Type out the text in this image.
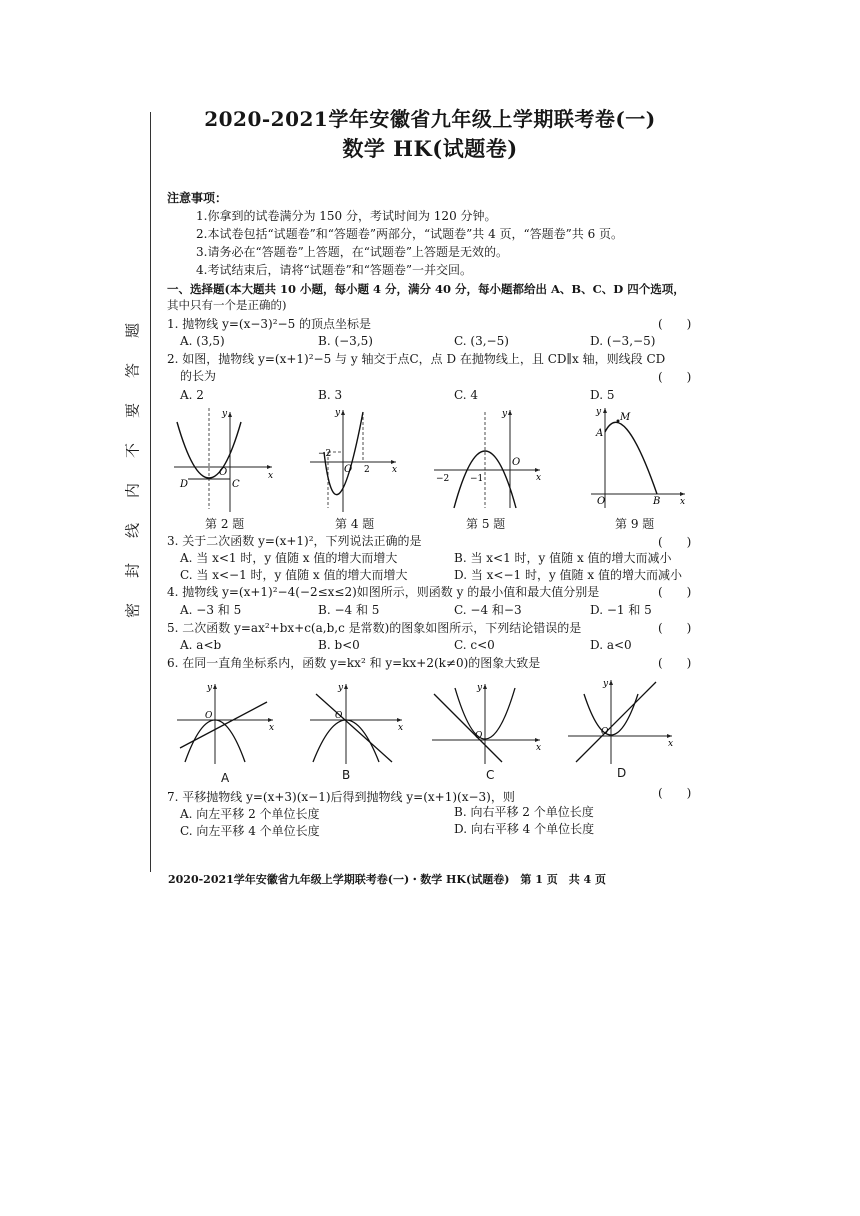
2020-2021学年安徽省九年级上学期联考卷(一)
数学 HK(试题卷)
题
答
要
不
内
线
封
密
注意事项：
1.你拿到的试卷满分为 150 分，考试时间为 120 分钟。
2.本试卷包括“试题卷”和“答题卷”两部分，“试题卷”共 4 页，“答题卷”共 6 页。
3.请务必在“答题卷”上答题，在“试题卷”上答题是无效的。
4.考试结束后，请将“试题卷”和“答题卷”一并交回。
一、选择题(本大题共 10 小题，每小题 4 分，满分 40 分，每小题都给出 A、B、C、D 四个选项，
其中只有一个是正确的)
1. 抛物线 y=(x−3)²−5 的顶点坐标是	(　　)
A. (3,5)	B. (−3,5)	C. (3,−5)	D. (−3,−5)
2. 如图，抛物线 y=(x+1)²−5 与 y 轴交于点C，点 D 在抛物线上，且 CD∥x 轴，则线段 CD
的长为	(　　)
A. 2	B. 3	C. 4	D. 5
y
x
O
C
D
y
x
O
−2
2
y
x
O
−2 −1
y
x
O
A
B
M
第 2 题	第 4 题	第 5 题	第 9 题
3. 关于二次函数 y=(x+1)²，下列说法正确的是	(　　)
A. 当 x<1 时，y 值随 x 值的增大而增大	B. 当 x<1 时，y 值随 x 值的增大而减小
C. 当 x<−1 时，y 值随 x 值的增大而增大	D. 当 x<−1 时，y 值随 x 值的增大而减小
4. 抛物线 y=(x+1)²−4(−2≤x≤2)如图所示，则函数 y 的最小值和最大值分别是	(　　)
A. −3 和 5	B. −4 和 5	C. −4 和−3	D. −1 和 5
5. 二次函数 y=ax²+bx+c(a,b,c 是常数)的图象如图所示，下列结论错误的是	(　　)
A. a<b	B. b<0	C. c<0	D. a<0
6. 在同一直角坐标系内，函数 y=kx² 和 y=kx+2(k≠0)的图象大致是	(　　)
y
x
O
y
x
O
y
x
O
y
x
O
A	B	C	D
7. 平移抛物线 y=(x+3)(x−1)后得到抛物线 y=(x+1)(x−3)，则	(　　)
A. 向左平移 2 个单位长度	B. 向右平移 2 个单位长度
C. 向左平移 4 个单位长度	D. 向右平移 4 个单位长度
2020-2021学年安徽省九年级上学期联考卷(一)・数学 HK(试题卷)　第 1 页　共 4 页
